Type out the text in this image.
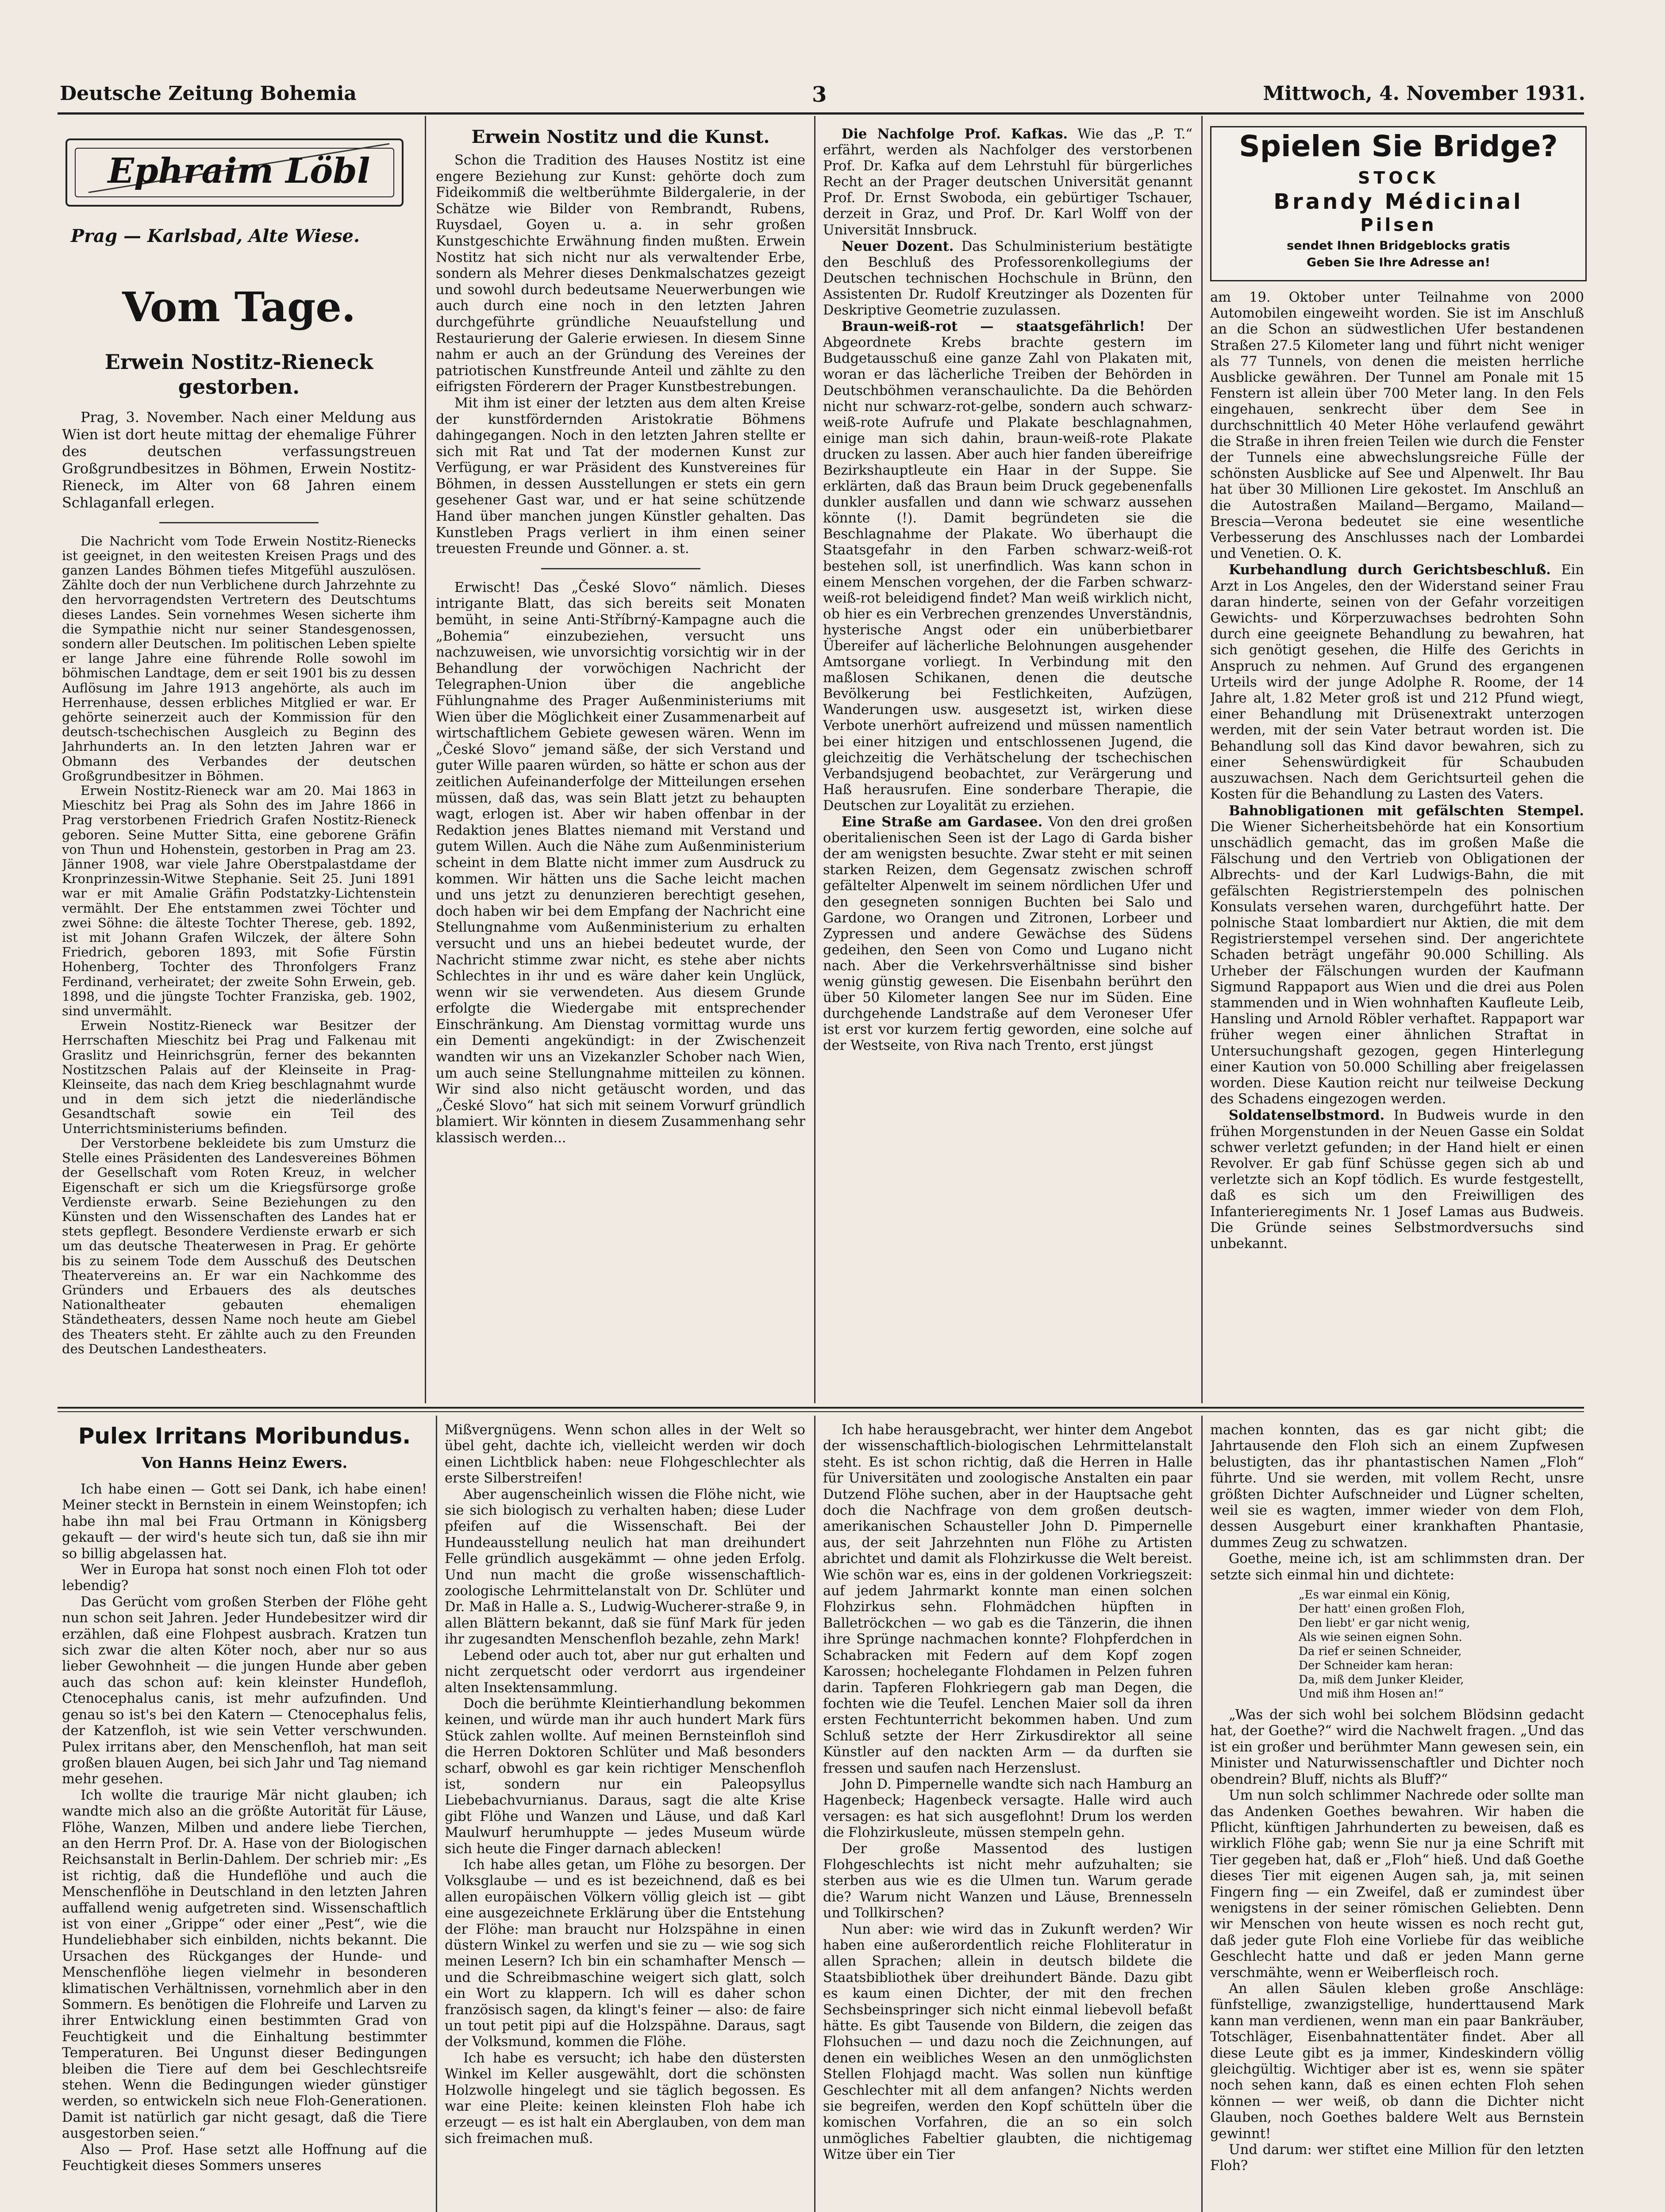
Deutsche Zeitung Bohemia	3	Mittwoch, 4. November 1931.
Ephraim Löbl
Prag — Karlsbad, Alte Wiese.
Vom Tage.

Erwein Nostitz-Rieneck gestorben.

Prag, 3. November. Nach einer Meldung aus Wien ist dort heute mittag der ehemalige Führer des deutschen verfassungstreuen Großgrundbesitzes in Böhmen, Erwein Nostitz-Rieneck, im Alter von 68 Jahren einem Schlaganfall erlegen.

Die Nachricht vom Tode Erwein Nostitz-Rienecks ist geeignet, in den weitesten Kreisen Prags und des ganzen Landes Böhmen tiefes Mitgefühl auszulösen. Zählte doch der nun Verblichene durch Jahrzehnte zu den hervorragendsten Vertretern des Deutschtums dieses Landes. Sein vornehmes Wesen sicherte ihm die Sympathie nicht nur seiner Standesgenossen, sondern aller Deutschen. Im politischen Leben spielte er lange Jahre eine führende Rolle sowohl im böhmischen Landtage, dem er seit 1901 bis zu dessen Auflösung im Jahre 1913 angehörte, als auch im Herrenhause, dessen erbliches Mitglied er war. Er gehörte seinerzeit auch der Kommission für den deutsch-tschechischen Ausgleich zu Beginn des Jahrhunderts an. In den letzten Jahren war er Obmann des Verbandes der deutschen Großgrundbesitzer in Böhmen.

Erwein Nostitz-Rieneck war am 20. Mai 1863 in Mieschitz bei Prag als Sohn des im Jahre 1866 in Prag verstorbenen Friedrich Grafen Nostitz-Rieneck geboren. Seine Mutter Sitta, eine geborene Gräfin von Thun und Hohenstein, gestorben in Prag am 23. Jänner 1908, war viele Jahre Oberstpalastdame der Kronprinzessin-Witwe Stephanie. Seit 25. Juni 1891 war er mit Amalie Gräfin Podstatzky-Lichtenstein vermählt. Der Ehe entstammen zwei Töchter und zwei Söhne: die älteste Tochter Therese, geb. 1892, ist mit Johann Grafen Wilczek, der ältere Sohn Friedrich, geboren 1893, mit Sofie Fürstin Hohenberg, Tochter des Thronfolgers Franz Ferdinand, verheiratet; der zweite Sohn Erwein, geb. 1898, und die jüngste Tochter Franziska, geb. 1902, sind unvermählt.

Erwein Nostitz-Rieneck war Besitzer der Herrschaften Mieschitz bei Prag und Falkenau mit Graslitz und Heinrichsgrün, ferner des bekannten Nostitzschen Palais auf der Kleinseite in Prag-Kleinseite, das nach dem Krieg beschlagnahmt wurde und in dem sich jetzt die niederländische Gesandtschaft sowie ein Teil des Unterrichtsministeriums befinden.

Der Verstorbene bekleidete bis zum Umsturz die Stelle eines Präsidenten des Landesvereines Böhmen der Gesellschaft vom Roten Kreuz, in welcher Eigenschaft er sich um die Kriegsfürsorge große Verdienste erwarb. Seine Beziehungen zu den Künsten und den Wissenschaften des Landes hat er stets gepflegt. Besondere Verdienste erwarb er sich um das deutsche Theaterwesen in Prag. Er gehörte bis zu seinem Tode dem Ausschuß des Deutschen Theatervereins an. Er war ein Nachkomme des Gründers und Erbauers des als deutsches Nationaltheater gebauten ehemaligen Ständetheaters, dessen Name noch heute am Giebel des Theaters steht. Er zählte auch zu den Freunden des Deutschen Landestheaters.

Erwein Nostitz und die Kunst.

Schon die Tradition des Hauses Nostitz ist eine engere Beziehung zur Kunst: gehörte doch zum Fideikommiß die weltberühmte Bildergalerie, in der Schätze wie Bilder von Rembrandt, Rubens, Ruysdael, Goyen u. a. in sehr großen Kunstgeschichte Erwähnung finden mußten. Erwein Nostitz hat sich nicht nur als verwaltender Erbe, sondern als Mehrer dieses Denkmalschatzes gezeigt und sowohl durch bedeutsame Neuerwerbungen wie auch durch eine noch in den letzten Jahren durchgeführte gründliche Neuaufstellung und Restaurierung der Galerie erwiesen. In diesem Sinne nahm er auch an der Gründung des Vereines der patriotischen Kunstfreunde Anteil und zählte zu den eifrigsten Förderern der Prager Kunstbestrebungen.

Mit ihm ist einer der letzten aus dem alten Kreise der kunstfördernden Aristokratie Böhmens dahingegangen. Noch in den letzten Jahren stellte er sich mit Rat und Tat der modernen Kunst zur Verfügung, er war Präsident des Kunstvereines für Böhmen, in dessen Ausstellungen er stets ein gern gesehener Gast war, und er hat seine schützende Hand über manchen jungen Künstler gehalten. Das Kunstleben Prags verliert in ihm einen seiner treuesten Freunde und Gönner. a. st.

Erwischt! Das „České Slovo“ nämlich. Dieses intrigante Blatt, das sich bereits seit Monaten bemüht, in seine Anti-Stříbrný-Kampagne auch die „Bohemia“ einzubeziehen, versucht uns nachzuweisen, wie unvorsichtig vorsichtig wir in der Behandlung der vorwöchigen Nachricht der Telegraphen-Union über die angebliche Fühlungnahme des Prager Außenministeriums mit Wien über die Möglichkeit einer Zusammenarbeit auf wirtschaftlichem Gebiete gewesen wären. Wenn im „České Slovo“ jemand säße, der sich Verstand und guter Wille paaren würden, so hätte er schon aus der zeitlichen Aufeinanderfolge der Mitteilungen ersehen müssen, daß das, was sein Blatt jetzt zu behaupten wagt, erlogen ist. Aber wir haben offenbar in der Redaktion jenes Blattes niemand mit Verstand und gutem Willen. Auch die Nähe zum Außenministerium scheint in dem Blatte nicht immer zum Ausdruck zu kommen. Wir hätten uns die Sache leicht machen und uns jetzt zu denunzieren berechtigt gesehen, doch haben wir bei dem Empfang der Nachricht eine Stellungnahme vom Außenministerium zu erhalten versucht und uns an hiebei bedeutet wurde, der Nachricht stimme zwar nicht, es stehe aber nichts Schlechtes in ihr und es wäre daher kein Unglück, wenn wir sie verwendeten. Aus diesem Grunde erfolgte die Wiedergabe mit entsprechender Einschränkung. Am Dienstag vormittag wurde uns ein Dementi angekündigt: in der Zwischenzeit wandten wir uns an Vizekanzler Schober nach Wien, um auch seine Stellungnahme mitteilen zu können. Wir sind also nicht getäuscht worden, und das „České Slovo“ hat sich mit seinem Vorwurf gründlich blamiert. Wir könnten in diesem Zusammenhang sehr klassisch werden...

Die Nachfolge Prof. Kafkas. Wie das „P. T.“ erfährt, werden als Nachfolger des verstorbenen Prof. Dr. Kafka auf dem Lehrstuhl für bürgerliches Recht an der Prager deutschen Universität genannt Prof. Dr. Ernst Swoboda, ein gebürtiger Tschauer, derzeit in Graz, und Prof. Dr. Karl Wolff von der Universität Innsbruck.

Neuer Dozent. Das Schulministerium bestätigte den Beschluß des Professorenkollegiums der Deutschen technischen Hochschule in Brünn, den Assistenten Dr. Rudolf Kreutzinger als Dozenten für Deskriptive Geometrie zuzulassen.

Braun-weiß-rot — staatsgefährlich! Der Abgeordnete Krebs brachte gestern im Budgetausschuß eine ganze Zahl von Plakaten mit, woran er das lächerliche Treiben der Behörden in Deutschböhmen veranschaulichte. Da die Behörden nicht nur schwarz-rot-gelbe, sondern auch schwarz-weiß-rote Aufrufe und Plakate beschlagnahmen, einige man sich dahin, braun-weiß-rote Plakate drucken zu lassen. Aber auch hier fanden übereifrige Bezirkshauptleute ein Haar in der Suppe. Sie erklärten, daß das Braun beim Druck gegebenenfalls dunkler ausfallen und dann wie schwarz aussehen könnte (!). Damit begründeten sie die Beschlagnahme der Plakate. Wo überhaupt die Staatsgefahr in den Farben schwarz-weiß-rot bestehen soll, ist unerfindlich. Was kann schon in einem Menschen vorgehen, der die Farben schwarz-weiß-rot beleidigend findet? Man weiß wirklich nicht, ob hier es ein Verbrechen grenzendes Unverständnis, hysterische Angst oder ein unüberbietbarer Übereifer auf lächerliche Belohnungen ausgehender Amtsorgane vorliegt. In Verbindung mit den maßlosen Schikanen, denen die deutsche Bevölkerung bei Festlichkeiten, Aufzügen, Wanderungen usw. ausgesetzt ist, wirken diese Verbote unerhört aufreizend und müssen namentlich bei einer hitzigen und entschlossenen Jugend, die gleichzeitig die Verhätschelung der tschechischen Verbandsjugend beobachtet, zur Verärgerung und Haß herausrufen. Eine sonderbare Therapie, die Deutschen zur Loyalität zu erziehen.

Eine Straße am Gardasee. Von den drei großen oberitalienischen Seen ist der Lago di Garda bisher der am wenigsten besuchte. Zwar steht er mit seinen starken Reizen, dem Gegensatz zwischen schroff gefältelter Alpenwelt im seinem nördlichen Ufer und den gesegneten sonnigen Buchten bei Salo und Gardone, wo Orangen und Zitronen, Lorbeer und Zypressen und andere Gewächse des Südens gedeihen, den Seen von Como und Lugano nicht nach. Aber die Verkehrsverhältnisse sind bisher wenig günstig gewesen. Die Eisenbahn berührt den über 50 Kilometer langen See nur im Süden. Eine durchgehende Landstraße auf dem Veroneser Ufer ist erst vor kurzem fertig geworden, eine solche auf der Westseite, von Riva nach Trento, erst jüngst

Spielen Sie Bridge?
STOCK
Brandy Médicinal
Pilsen
sendet Ihnen Bridgeblocks gratis
Geben Sie Ihre Adresse an!

am 19. Oktober unter Teilnahme von 2000 Automobilen eingeweiht worden. Sie ist im Anschluß an die Schon an südwestlichen Ufer bestandenen Straßen 27.5 Kilometer lang und führt nicht weniger als 77 Tunnels, von denen die meisten herrliche Ausblicke gewähren. Der Tunnel am Ponale mit 15 Fenstern ist allein über 700 Meter lang. In den Fels eingehauen, senkrecht über dem See in durchschnittlich 40 Meter Höhe verlaufend gewährt die Straße in ihren freien Teilen wie durch die Fenster der Tunnels eine abwechslungsreiche Fülle der schönsten Ausblicke auf See und Alpenwelt. Ihr Bau hat über 30 Millionen Lire gekostet. Im Anschluß an die Autostraßen Mailand—Bergamo, Mailand—Brescia—Verona bedeutet sie eine wesentliche Verbesserung des Anschlusses nach der Lombardei und Venetien. O. K.

Kurbehandlung durch Gerichtsbeschluß. Ein Arzt in Los Angeles, den der Widerstand seiner Frau daran hinderte, seinen von der Gefahr vorzeitigen Gewichts- und Körperzuwachses bedrohten Sohn durch eine geeignete Behandlung zu bewahren, hat sich genötigt gesehen, die Hilfe des Gerichts in Anspruch zu nehmen. Auf Grund des ergangenen Urteils wird der junge Adolphe R. Roome, der 14 Jahre alt, 1.82 Meter groß ist und 212 Pfund wiegt, einer Behandlung mit Drüsenextrakt unterzogen werden, mit der sein Vater betraut worden ist. Die Behandlung soll das Kind davor bewahren, sich zu einer Sehenswürdigkeit für Schaubuden auszuwachsen. Nach dem Gerichtsurteil gehen die Kosten für die Behandlung zu Lasten des Vaters.

Bahnobligationen mit gefälschten Stempel. Die Wiener Sicherheitsbehörde hat ein Konsortium unschädlich gemacht, das im großen Maße die Fälschung und den Vertrieb von Obligationen der Albrechts- und der Karl Ludwigs-Bahn, die mit gefälschten Registrierstempeln des polnischen Konsulats versehen waren, durchgeführt hatte. Der polnische Staat lombardiert nur Aktien, die mit dem Registrierstempel versehen sind. Der angerichtete Schaden beträgt ungefähr 90.000 Schilling. Als Urheber der Fälschungen wurden der Kaufmann Sigmund Rappaport aus Wien und die drei aus Polen stammenden und in Wien wohnhaften Kaufleute Leib, Hansling und Arnold Röbler verhaftet. Rappaport war früher wegen einer ähnlichen Straftat in Untersuchungshaft gezogen, gegen Hinterlegung einer Kaution von 50.000 Schilling aber freigelassen worden. Diese Kaution reicht nur teilweise Deckung des Schadens eingezogen werden.

Soldatenselbstmord. In Budweis wurde in den frühen Morgenstunden in der Neuen Gasse ein Soldat schwer verletzt gefunden; in der Hand hielt er einen Revolver. Er gab fünf Schüsse gegen sich ab und verletzte sich an Kopf tödlich. Es wurde festgestellt, daß es sich um den Freiwilligen des Infanterieregiments Nr. 1 Josef Lamas aus Budweis. Die Gründe seines Selbstmordversuchs sind unbekannt.

Pulex Irritans Moribundus.

Von Hanns Heinz Ewers.

Ich habe einen — Gott sei Dank, ich habe einen! Meiner steckt in Bernstein in einem Weinstopfen; ich habe ihn mal bei Frau Ortmann in Königsberg gekauft — der wird's heute sich tun, daß sie ihn mir so billig abgelassen hat.

Wer in Europa hat sonst noch einen Floh tot oder lebendig?

Das Gerücht vom großen Sterben der Flöhe geht nun schon seit Jahren. Jeder Hundebesitzer wird dir erzählen, daß eine Flohpest ausbrach. Kratzen tun sich zwar die alten Köter noch, aber nur so aus lieber Gewohnheit — die jungen Hunde aber geben auch das schon auf: kein kleinster Hundefloh, Ctenocephalus canis, ist mehr aufzufinden. Und genau so ist's bei den Katern — Ctenocephalus felis, der Katzenfloh, ist wie sein Vetter verschwunden. Pulex irritans aber, den Menschenfloh, hat man seit großen blauen Augen, bei sich Jahr und Tag niemand mehr gesehen.

Ich wollte die traurige Mär nicht glauben; ich wandte mich also an die größte Autorität für Läuse, Flöhe, Wanzen, Milben und andere liebe Tierchen, an den Herrn Prof. Dr. A. Hase von der Biologischen Reichsanstalt in Berlin-Dahlem. Der schrieb mir: „Es ist richtig, daß die Hundeflöhe und auch die Menschenflöhe in Deutschland in den letzten Jahren auffallend wenig aufgetreten sind. Wissenschaftlich ist von einer „Grippe“ oder einer „Pest“, wie die Hundeliebhaber sich einbilden, nichts bekannt. Die Ursachen des Rückganges der Hunde- und Menschenflöhe liegen vielmehr in besonderen klimatischen Verhältnissen, vornehmlich aber in den Sommern. Es benötigen die Flohreife und Larven zu ihrer Entwicklung einen bestimmten Grad von Feuchtigkeit und die Einhaltung bestimmter Temperaturen. Bei Ungunst dieser Bedingungen bleiben die Tiere auf dem bei Geschlechtsreife stehen. Wenn die Bedingungen wieder günstiger werden, so entwickeln sich neue Floh-Generationen. Damit ist natürlich gar nicht gesagt, daß die Tiere ausgestorben seien.“

Also — Prof. Hase setzt alle Hoffnung auf die Feuchtigkeit dieses Sommers unseres

Mißvergnügens. Wenn schon alles in der Welt so übel geht, dachte ich, vielleicht werden wir doch einen Lichtblick haben: neue Flohgeschlechter als erste Silberstreifen!

Aber augenscheinlich wissen die Flöhe nicht, wie sie sich biologisch zu verhalten haben; diese Luder pfeifen auf die Wissenschaft. Bei der Hundeausstellung neulich hat man dreihundert Felle gründlich ausgekämmt — ohne jeden Erfolg. Und nun macht die große wissenschaftlich-zoologische Lehrmittelanstalt von Dr. Schlüter und Dr. Maß in Halle a. S., Ludwig-Wucherer-straße 9, in allen Blättern bekannt, daß sie fünf Mark für jeden ihr zugesandten Menschenfloh bezahle, zehn Mark!

Lebend oder auch tot, aber nur gut erhalten und nicht zerquetscht oder verdorrt aus irgendeiner alten Insektensammlung.

Doch die berühmte Kleintierhandlung bekommen keinen, und würde man ihr auch hundert Mark fürs Stück zahlen wollte. Auf meinen Bernsteinfloh sind die Herren Doktoren Schlüter und Maß besonders scharf, obwohl es gar kein richtiger Menschenfloh ist, sondern nur ein Paleopsyllus Liebebachvurnianus. Daraus, sagt die alte Krise gibt Flöhe und Wanzen und Läuse, und daß Karl Maulwurf herumhuppte — jedes Museum würde sich heute die Finger darnach ablecken!

Ich habe alles getan, um Flöhe zu besorgen. Der Volksglaube — und es ist bezeichnend, daß es bei allen europäischen Völkern völlig gleich ist — gibt eine ausgezeichnete Erklärung über die Entstehung der Flöhe: man braucht nur Holzspähne in einen düstern Winkel zu werfen und sie zu — wie sog sich meinen Lesern? Ich bin ein schamhafter Mensch — und die Schreibmaschine weigert sich glatt, solch ein Wort zu klappern. Ich will es daher schon französisch sagen, da klingt's feiner — also: de faire un tout petit pipi auf die Holzspähne. Daraus, sagt der Volksmund, kommen die Flöhe.

Ich habe es versucht; ich habe den düstersten Winkel im Keller ausgewählt, dort die schönsten Holzwolle hingelegt und sie täglich begossen. Es war eine Pleite: keinen kleinsten Floh habe ich erzeugt — es ist halt ein Aberglauben, von dem man sich freimachen muß.

Ich habe herausgebracht, wer hinter dem Angebot der wissenschaftlich-biologischen Lehrmittelanstalt steht. Es ist schon richtig, daß die Herren in Halle für Universitäten und zoologische Anstalten ein paar Dutzend Flöhe suchen, aber in der Hauptsache geht doch die Nachfrage von dem großen deutsch-amerikanischen Schausteller John D. Pimpernelle aus, der seit Jahrzehnten nun Flöhe zu Artisten abrichtet und damit als Flohzirkusse die Welt bereist. Wie schön war es, eins in der goldenen Vorkriegszeit: auf jedem Jahrmarkt konnte man einen solchen Flohzirkus sehn. Flohmädchen hüpften in Balletröckchen — wo gab es die Tänzerin, die ihnen ihre Sprünge nachmachen konnte? Flohpferdchen in Schabracken mit Federn auf dem Kopf zogen Karossen; hochelegante Flohdamen in Pelzen fuhren darin. Tapferen Flohkriegern gab man Degen, die fochten wie die Teufel. Lenchen Maier soll da ihren ersten Fechtunterricht bekommen haben. Und zum Schluß setzte der Herr Zirkusdirektor all seine Künstler auf den nackten Arm — da durften sie fressen und saufen nach Herzenslust.

John D. Pimpernelle wandte sich nach Hamburg an Hagenbeck; Hagenbeck versagte. Halle wird auch versagen: es hat sich ausgeflohnt! Drum los werden die Flohzirkusleute, müssen stempeln gehn.

Der große Massentod des lustigen Flohgeschlechts ist nicht mehr aufzuhalten; sie sterben aus wie es die Ulmen tun. Warum gerade die? Warum nicht Wanzen und Läuse, Brennesseln und Tollkirschen?

Nun aber: wie wird das in Zukunft werden? Wir haben eine außerordentlich reiche Flohliteratur in allen Sprachen; allein in deutsch bildete die Staatsbibliothek über dreihundert Bände. Dazu gibt es kaum einen Dichter, der mit den frechen Sechsbeinspringer sich nicht einmal liebevoll befaßt hätte. Es gibt Tausende von Bildern, die zeigen das Flohsuchen — und dazu noch die Zeichnungen, auf denen ein weibliches Wesen an den unmöglichsten Stellen Flohjagd macht. Was sollen nun künftige Geschlechter mit all dem anfangen? Nichts werden sie begreifen, werden den Kopf schütteln über die komischen Vorfahren, die an so ein solch unmögliches Fabeltier glaubten, die nichtigemag Witze über ein Tier

machen konnten, das es gar nicht gibt; die Jahrtausende den Floh sich an einem Zupfwesen belustigten, das ihr phantastischen Namen „Floh“ führte. Und sie werden, mit vollem Recht, unsre größten Dichter Aufschneider und Lügner schelten, weil sie es wagten, immer wieder von dem Floh, dessen Ausgeburt einer krankhaften Phantasie, dummes Zeug zu schwatzen.

Goethe, meine ich, ist am schlimmsten dran. Der setzte sich einmal hin und dichtete:

„Es war einmal ein König,

Der hatt' einen großen Floh,

Den liebt' er gar nicht wenig,

Als wie seinen eignen Sohn.

Da rief er seinen Schneider,

Der Schneider kam heran:

Da, miß dem Junker Kleider,

Und miß ihm Hosen an!“

„Was der sich wohl bei solchem Blödsinn gedacht hat, der Goethe?“ wird die Nachwelt fragen. „Und das ist ein großer und berühmter Mann gewesen sein, ein Minister und Naturwissenschaftler und Dichter noch obendrein? Bluff, nichts als Bluff?“

Um nun solch schlimmer Nachrede oder sollte man das Andenken Goethes bewahren. Wir haben die Pflicht, künftigen Jahrhunderten zu beweisen, daß es wirklich Flöhe gab; wenn Sie nur ja eine Schrift mit Tier gegeben hat, daß er „Floh“ hieß. Und daß Goethe dieses Tier mit eigenen Augen sah, ja, mit seinen Fingern fing — ein Zweifel, daß er zumindest über wenigstens in der seiner römischen Geliebten. Denn wir Menschen von heute wissen es noch recht gut, daß jeder gute Floh eine Vorliebe für das weibliche Geschlecht hatte und daß er jeden Mann gerne verschmähte, wenn er Weiberfleisch roch.

An allen Säulen kleben große Anschläge: fünfstellige, zwanzigstellige, hunderttausend Mark kann man verdienen, wenn man ein paar Bankräuber, Totschläger, Eisenbahnattentäter findet. Aber all diese Leute gibt es ja immer, Kindeskindern völlig gleichgültig. Wichtiger aber ist es, wenn sie später noch sehen kann, daß es einen echten Floh sehen können — wer weiß, ob dann die Dichter nicht Glauben, noch Goethes baldere Welt aus Bernstein gewinnt!

Und darum: wer stiftet eine Million für den letzten Floh?
